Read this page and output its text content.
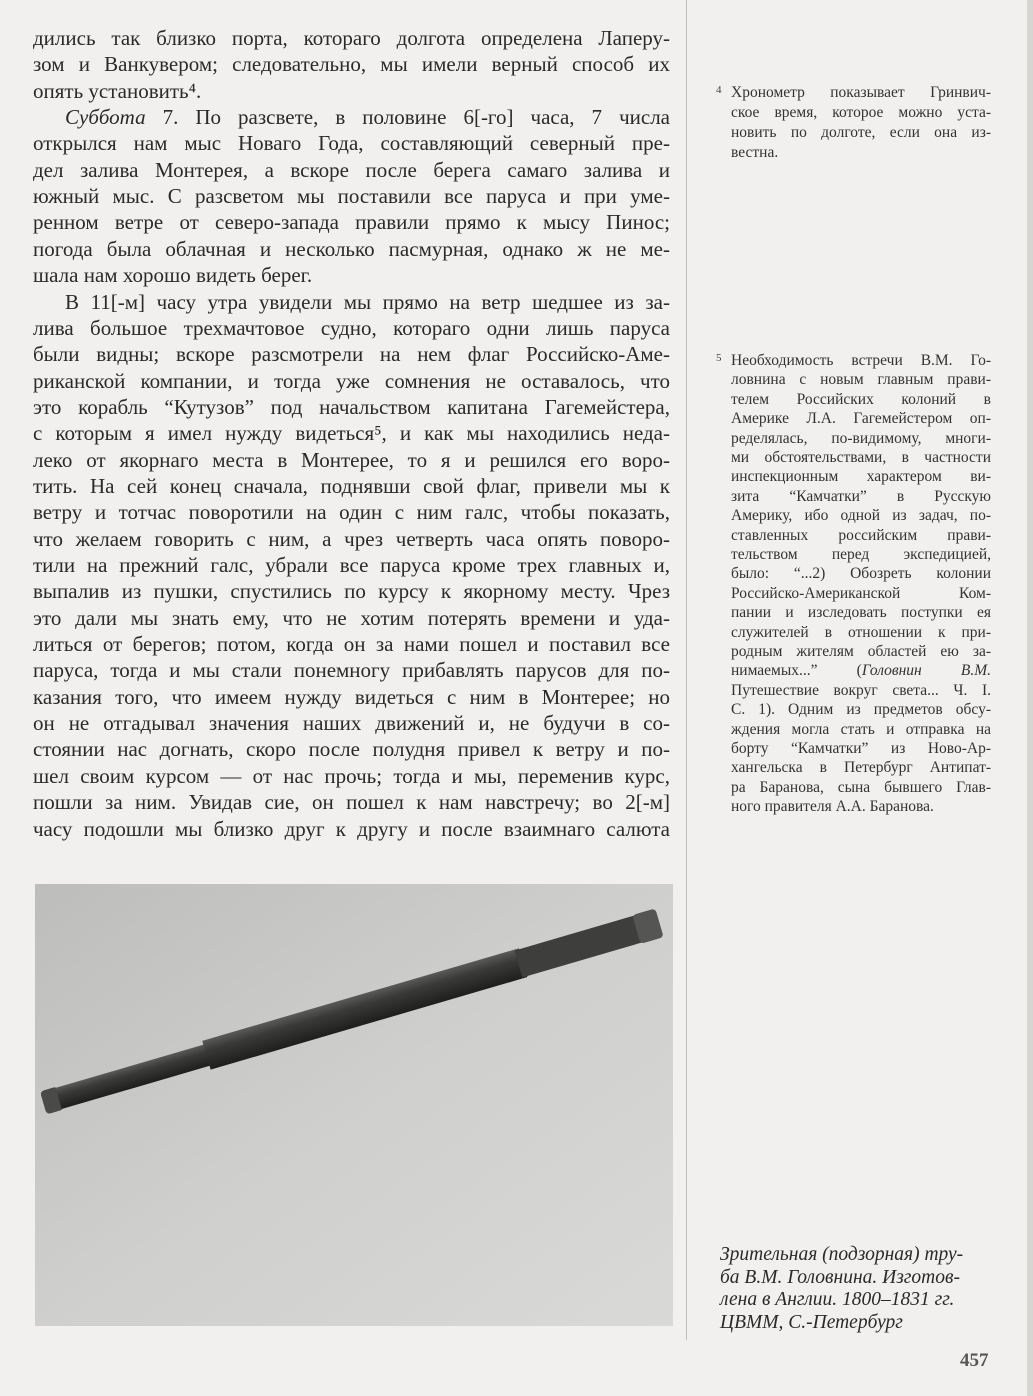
дились так близко порта, котораго долгота определена Лаперу-
зом и Ванкувером; следовательно, мы имели верный способ их
опять установить⁴.
Суббота 7. По разсвете, в половине 6[-го] часа, 7 числа
открылся нам мыс Новаго Года, составляющий северный пре-
дел залива Монтерея, а вскоре после берега самаго залива и
южный мыс. С разсветом мы поставили все паруса и при уме-
ренном ветре от северо-запада правили прямо к мысу Пинос;
погода была облачная и несколько пасмурная, однако ж не ме-
шала нам хорошо видеть берег.
В 11[-м] часу утра увидели мы прямо на ветр шедшее из за-
лива большое трехмачтовое судно, котораго одни лишь паруса
были видны; вскоре разсмотрели на нем флаг Российско-Аме-
риканской компании, и тогда уже сомнения не оставалось, что
это корабль “Кутузов” под начальством капитана Гагемейстера,
с которым я имел нужду видеться⁵, и как мы находились неда-
леко от якорнаго места в Монтерее, то я и решился его воро-
тить. На сей конец сначала, поднявши свой флаг, привели мы к
ветру и тотчас поворотили на один с ним галс, чтобы показать,
что желаем говорить с ним, а чрез четверть часа опять поворо-
тили на прежний галс, убрали все паруса кроме трех главных и,
выпалив из пушки, спустились по курсу к якорному месту. Чрез
это дали мы знать ему, что не хотим потерять времени и уда-
литься от берегов; потом, когда он за нами пошел и поставил все
паруса, тогда и мы стали понемногу прибавлять парусов для по-
казания того, что имеем нужду видеться с ним в Монтерее; но
он не отгадывал значения наших движений и, не будучи в со-
стоянии нас догнать, скоро после полудня привел к ветру и по-
шел своим курсом — от нас прочь; тогда и мы, переменив курс,
пошли за ним. Увидав сие, он пошел к нам навстречу; во 2[-м]
часу подошли мы близко друг к другу и после взаимнаго салюта
4
5
Хронометр показывает Гринвич-
ское время, которое можно уста-
новить по долготе, если она из-
вестна.
Необходимость встречи В.М. Го-
ловнина с новым главным прави-
телем Российских колоний в
Америке Л.А. Гагемейстером оп-
ределялась, по-видимому, многи-
ми обстоятельствами, в частности
инспекционным характером ви-
зита “Камчатки” в Русскую
Америку, ибо одной из задач, по-
ставленных российским прави-
тельством перед экспедицией,
было: “...2) Обозреть колонии
Российско-Американской Ком-
пании и изследовать поступки ея
служителей в отношении к при-
родным жителям областей ею за-
нимаемых...” (Головнин В.М.
Путешествие вокруг света... Ч. I.
С. 1). Одним из предметов обсу-
ждения могла стать и отправка на
борту “Камчатки” из Ново-Ар-
хангельска в Петербург Антипат-
ра Баранова, сына бывшего Глав-
ного правителя А.А. Баранова.
Зрительная (подзорная) тру-
ба В.М. Головнина. Изготов-
лена в Англии. 1800–1831 гг.
ЦВММ, С.-Петербург
457
